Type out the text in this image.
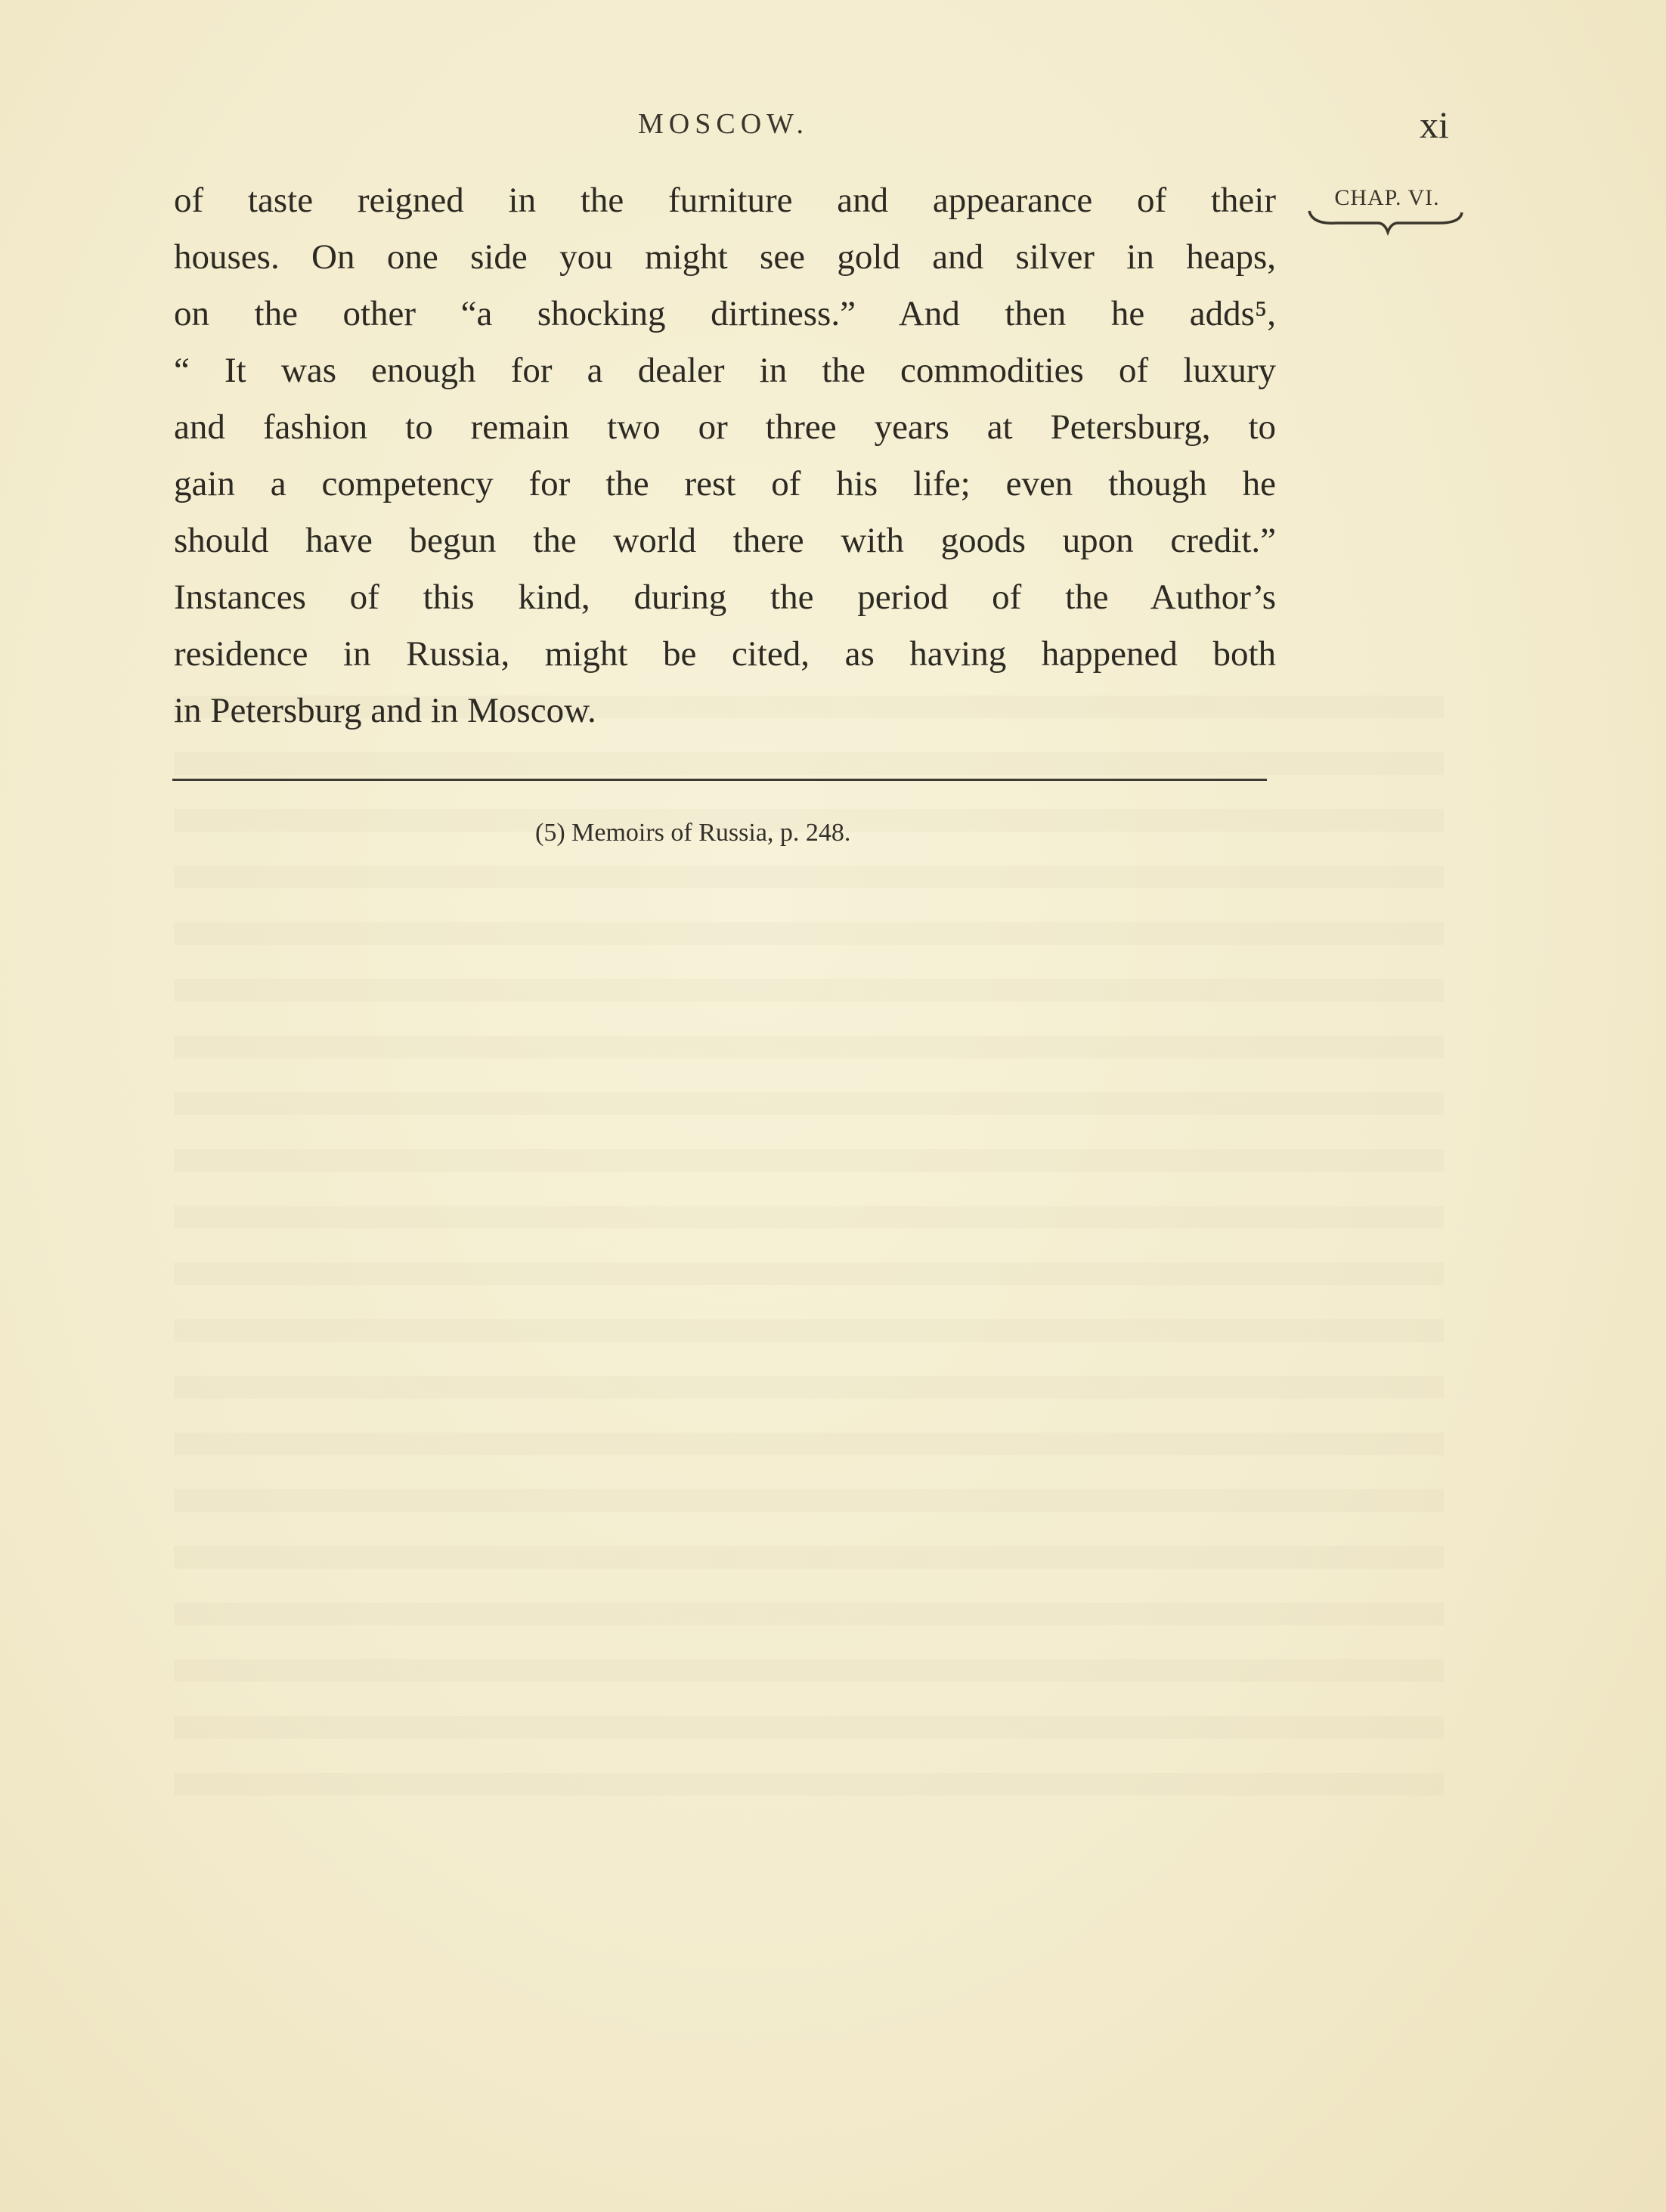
MOSCOW.	xi
CHAP. VI.
of taste reigned in the furniture and appearance of their
houses. On one side you might see gold and silver in heaps,
on the other “a shocking dirtiness.” And then he adds⁵,
“ It was enough for a dealer in the commodities of luxury
and fashion to remain two or three years at Petersburg, to
gain a competency for the rest of his life; even though he
should have begun the world there with goods upon credit.”
Instances of this kind, during the period of the Author’s
residence in Russia, might be cited, as having happened both
in Petersburg and in Moscow.
(5) Memoirs of Russia, p. 248.
